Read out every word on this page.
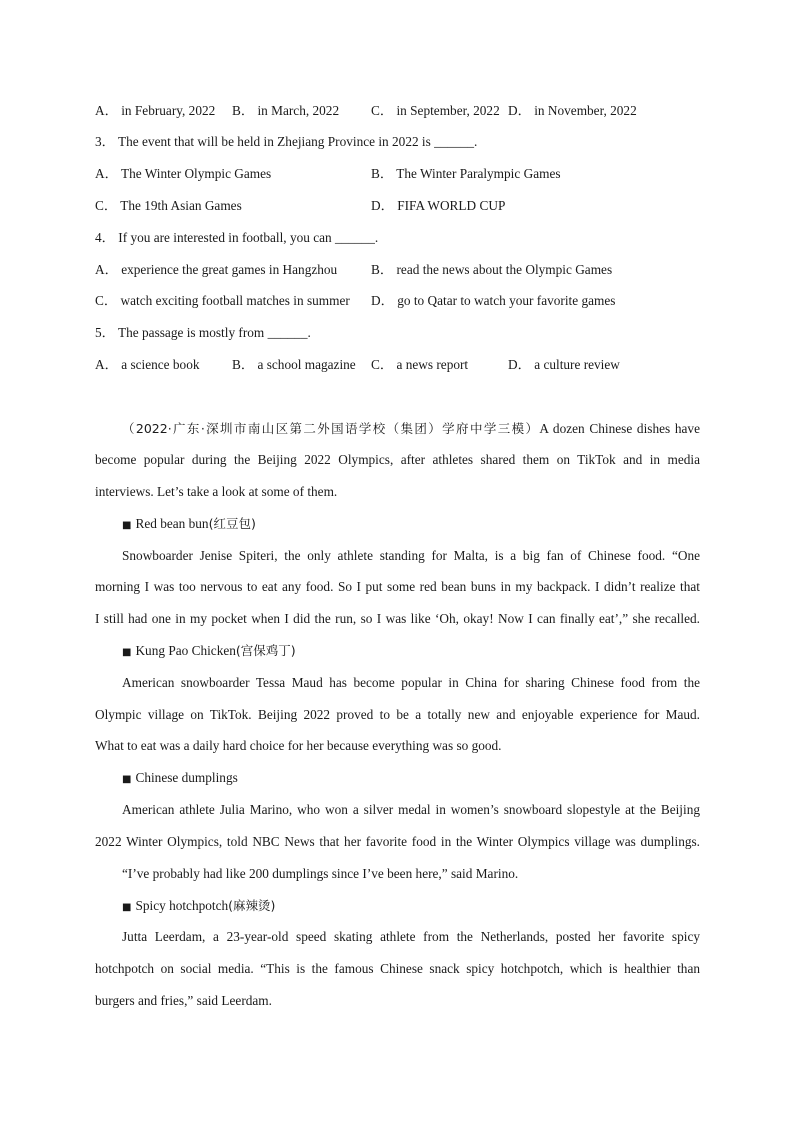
A． in February, 2022 B． in March, 2022 C． in September, 2022 D． in November, 2022
3． The event that will be held in Zhejiang Province in 2022 is ______.
A． The Winter Olympic Games	B． The Winter Paralympic Games
C． The 19th Asian Games	D． FIFA WORLD CUP
4． If you are interested in football, you can ______.
A． experience the great games in Hangzhou	B． read the news about the Olympic Games
C． watch exciting football matches in summer D． go to Qatar to watch your favorite games
5． The passage is mostly from ______.
A． a science book B． a school magazine C． a news report	D． a culture review
（2022·广东·深圳市南山区第二外国语学校（集团）学府中学三模）A dozen Chinese dishes have
become popular during the Beijing 2022 Olympics, after athletes shared them on TikTok and in media
interviews. Let’s take a look at some of them.
■ Red bean bun(红豆包)
Snowboarder Jenise Spiteri, the only athlete standing for Malta, is a big fan of Chinese food. “One
morning I was too nervous to eat any food. So I put some red bean buns in my backpack. I didn’t realize that
I still had one in my pocket when I did the run, so I was like ‘Oh, okay! Now I can finally eat’,” she recalled.
■ Kung Pao Chicken(宫保鸡丁)
American snowboarder Tessa Maud has become popular in China for sharing Chinese food from the
Olympic village on TikTok. Beijing 2022 proved to be a totally new and enjoyable experience for Maud.
What to eat was a daily hard choice for her because everything was so good.
■ Chinese dumplings
American athlete Julia Marino, who won a silver medal in women’s snowboard slopestyle at the Beijing
2022 Winter Olympics, told NBC News that her favorite food in the Winter Olympics village was dumplings.
“I’ve probably had like 200 dumplings since I’ve been here,” said Marino.
■ Spicy hotchpotch(麻辣烫)
Jutta Leerdam, a 23-year-old speed skating athlete from the Netherlands, posted her favorite spicy
hotchpotch on social media. “This is the famous Chinese snack spicy hotchpotch, which is healthier than
burgers and fries,” said Leerdam.
